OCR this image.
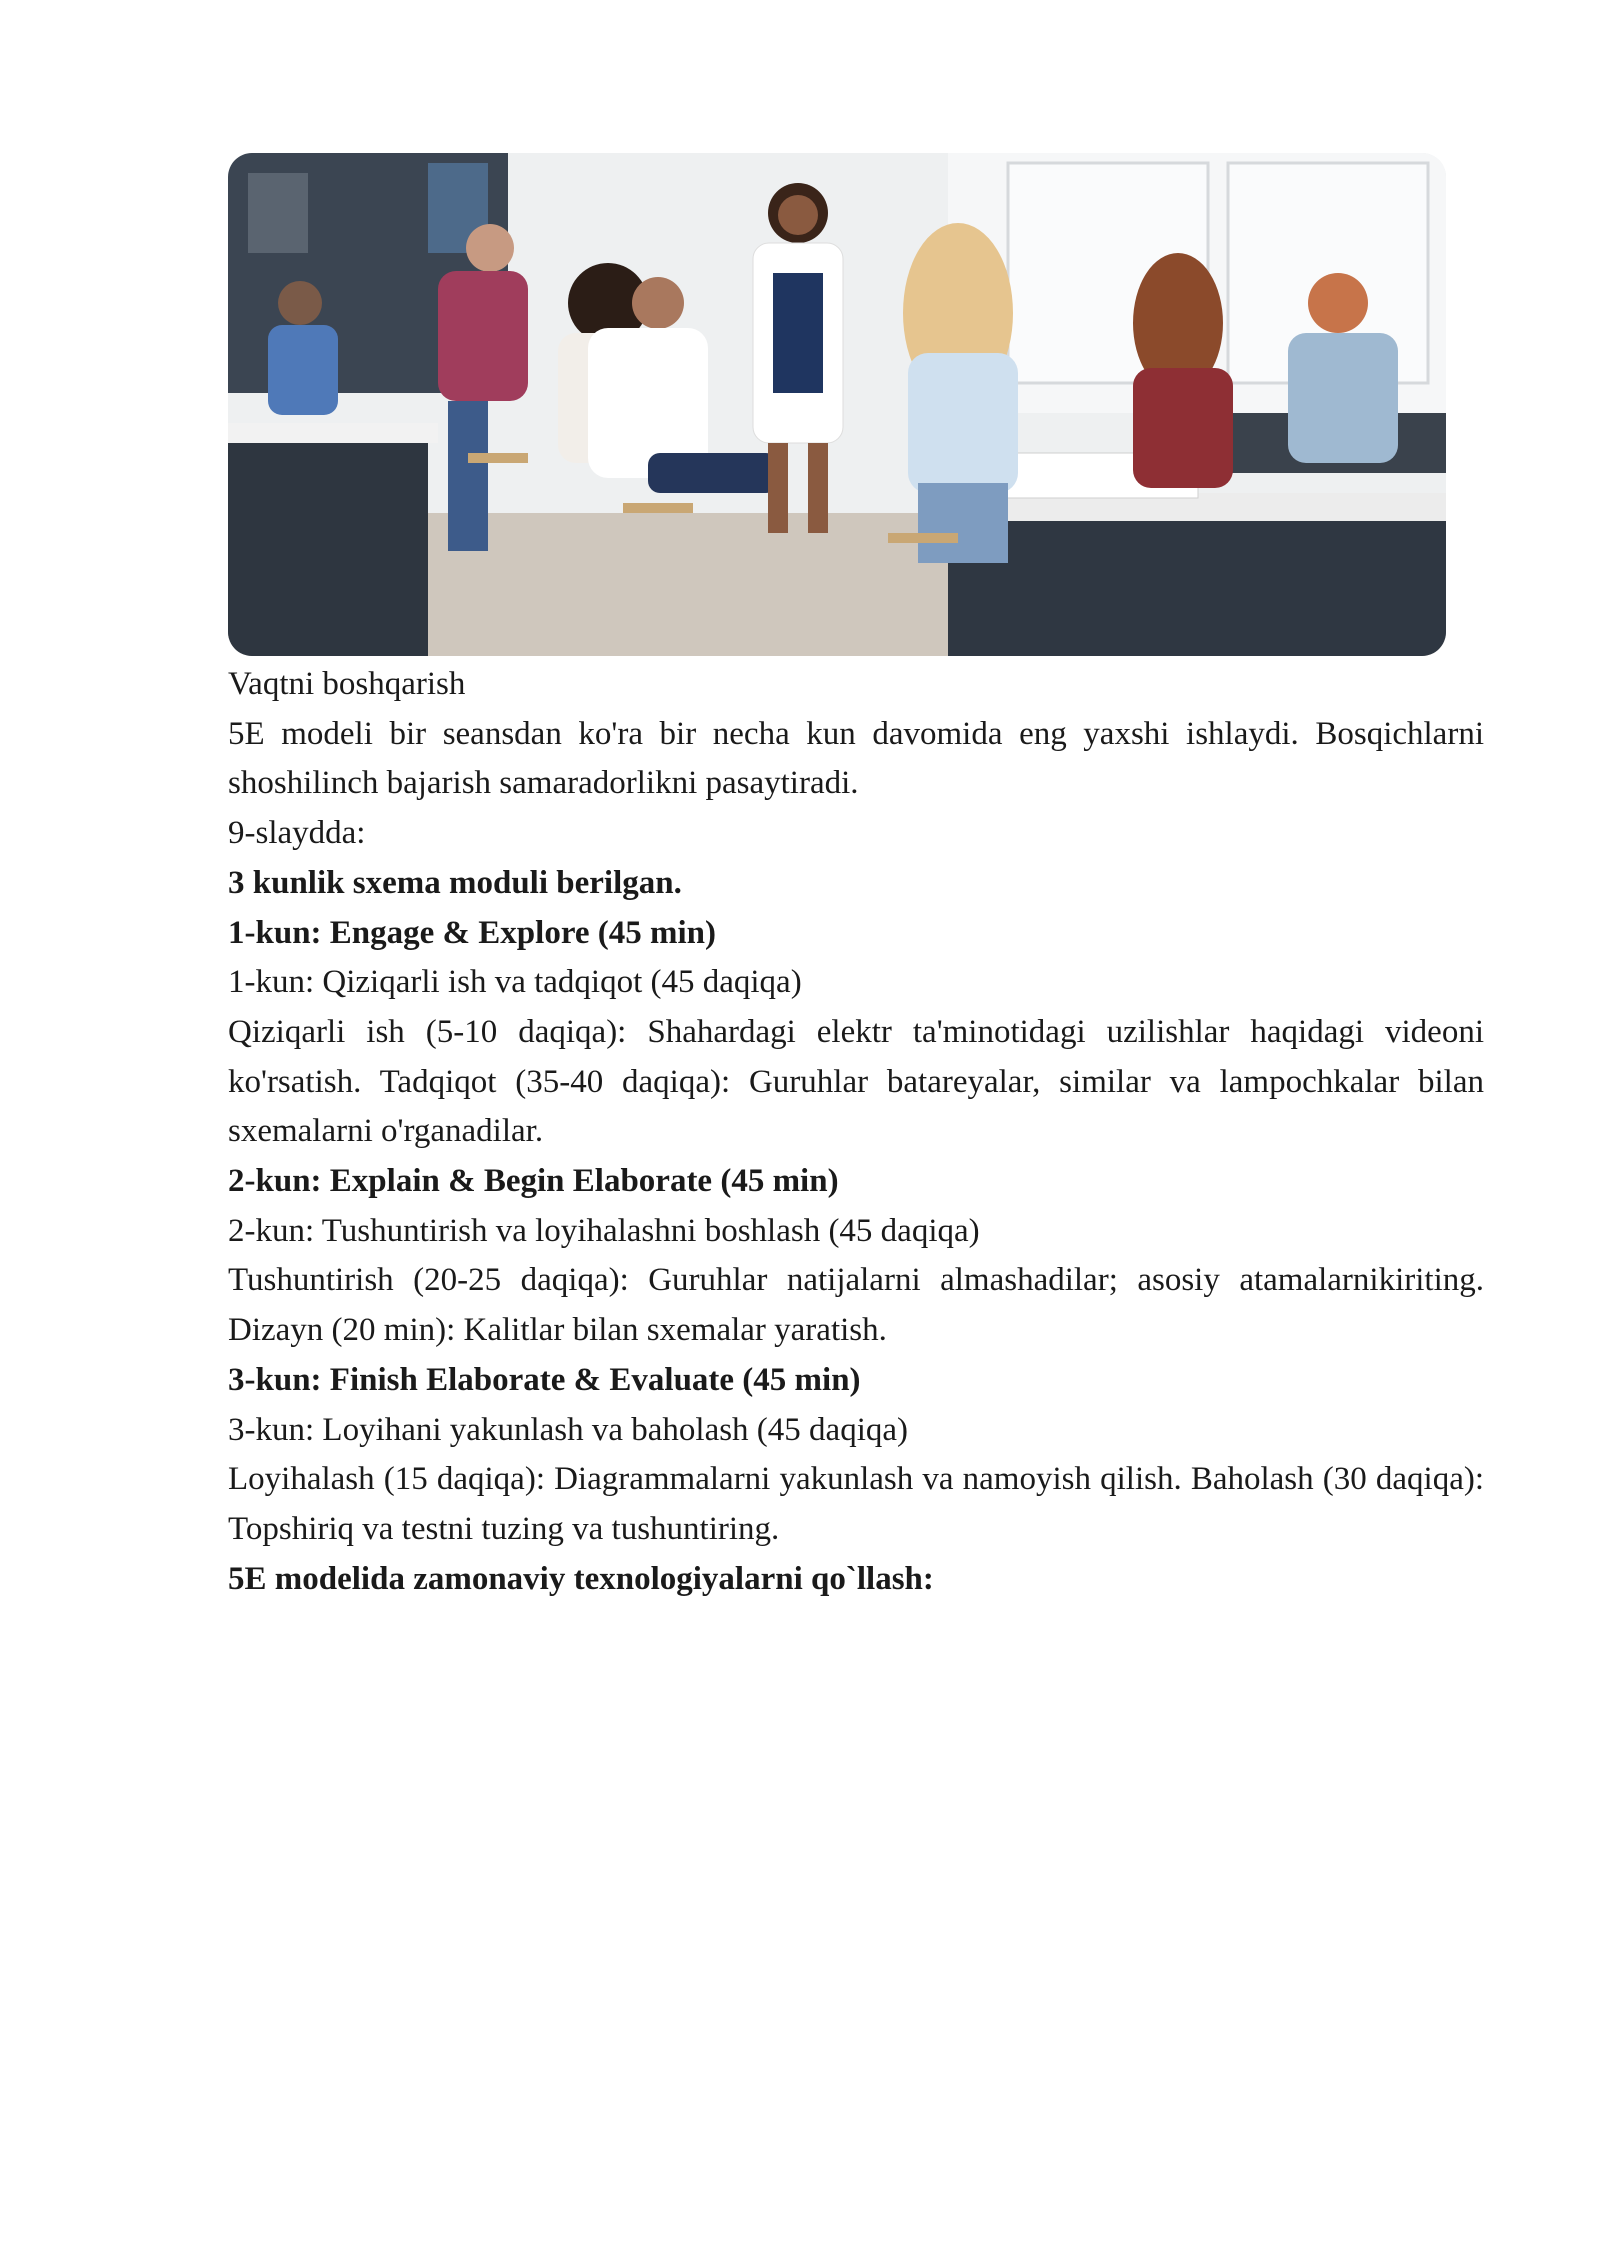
Vaqtni boshqarish

5E modeli bir seansdan ko'ra bir necha kun davomida eng yaxshi ishlaydi. Bosqichlarni shoshilinch bajarish samaradorlikni pasaytiradi.

9-slaydda:

3 kunlik sxema moduli berilgan.

1-kun: Engage & Explore (45 min)

1-kun: Qiziqarli ish va tadqiqot (45 daqiqa)

Qiziqarli ish (5-10 daqiqa): Shahardagi elektr ta'minotidagi uzilishlar haqidagi videoni ko'rsatish. Tadqiqot (35-40 daqiqa): Guruhlar batareyalar, similar va lampochkalar bilan sxemalarni o'rganadilar.

2-kun: Explain & Begin Elaborate (45 min)

2-kun: Tushuntirish va loyihalashni boshlash (45 daqiqa)

Tushuntirish (20-25 daqiqa): Guruhlar natijalarni almashadilar; asosiy atamalarnikiriting. Dizayn (20 min): Kalitlar bilan sxemalar yaratish.

3-kun: Finish Elaborate & Evaluate (45 min)

3-kun: Loyihani yakunlash va baholash (45 daqiqa)

Loyihalash (15 daqiqa): Diagrammalarni yakunlash va namoyish qilish. Baholash (30 daqiqa): Topshiriq va testni tuzing va tushuntiring.

5E modelida zamonaviy texnologiyalarni qo`llash:
